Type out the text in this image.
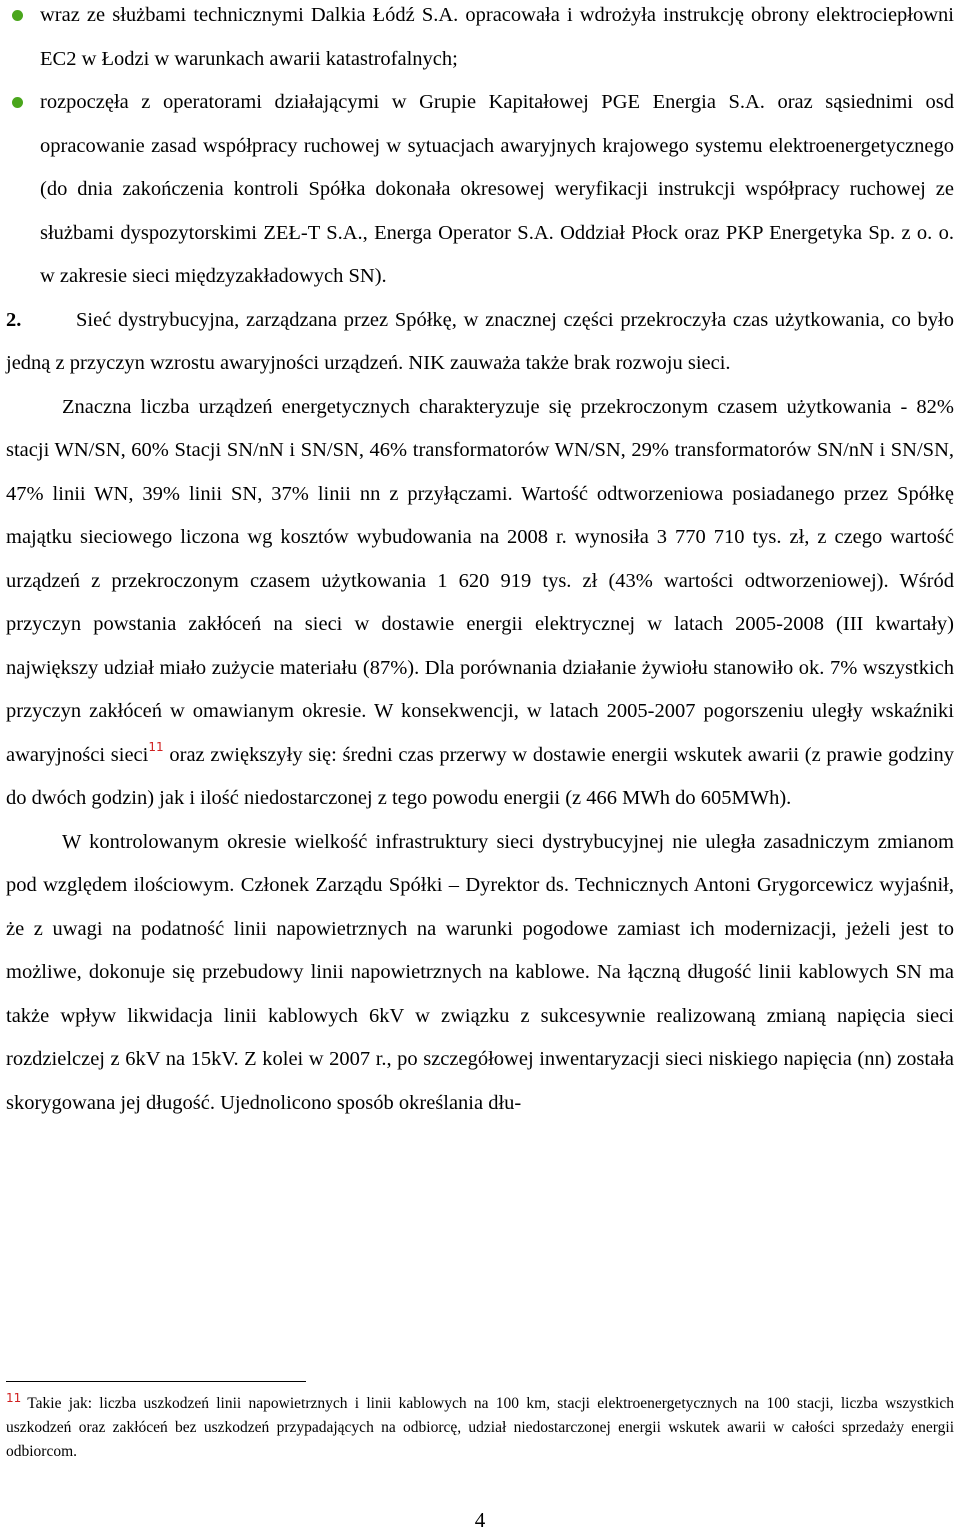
wraz ze służbami technicznymi Dalkia Łódź S.A. opracowała i wdrożyła instrukcję obrony elektrociepłowni EC2 w Łodzi w warunkach awarii katastrofalnych;
rozpoczęła z operatorami działającymi w Grupie Kapitałowej PGE Energia S.A. oraz sąsiednimi osd opracowanie zasad współpracy ruchowej w sytuacjach awaryjnych krajowego systemu elektroenergetycznego (do dnia zakończenia kontroli Spółka dokonała okresowej weryfikacji instrukcji współpracy ruchowej ze służbami dyspozytorskimi ZEŁ-T S.A., Energa Operator S.A. Oddział Płock oraz PKP Energetyka Sp. z o. o. w zakresie sieci międzyzakładowych SN).

2.	Sieć dystrybucyjna, zarządzana przez Spółkę, w znacznej części przekroczyła czas użytkowania, co było jedną z przyczyn wzrostu awaryjności urządzeń. NIK zauważa także brak rozwoju sieci.

Znaczna liczba urządzeń energetycznych charakteryzuje się przekroczonym czasem użytkowania - 82% stacji WN/SN, 60% Stacji SN/nN i SN/SN, 46% transformatorów WN/SN, 29% transformatorów SN/nN i SN/SN, 47% linii WN, 39% linii SN, 37% linii nn z przyłączami. Wartość odtworzeniowa posiadanego przez Spółkę majątku sieciowego liczona wg kosztów wybudowania na 2008 r. wynosiła 3 770 710 tys. zł, z czego wartość urządzeń z przekroczonym czasem użytkowania 1 620 919 tys. zł (43% wartości odtworzeniowej). Wśród przyczyn powstania zakłóceń na sieci w dostawie energii elektrycznej w latach 2005-2008 (III kwartały) największy udział miało zużycie materiału (87%). Dla porównania działanie żywiołu stanowiło ok. 7% wszystkich przyczyn zakłóceń w omawianym okresie. W konsekwencji, w latach 2005-2007 pogorszeniu uległy wskaźniki awaryjności sieci$^{11}$ oraz zwiększyły się: średni czas przerwy w dostawie energii wskutek awarii (z prawie godziny do dwóch godzin) jak i ilość niedostarczonej z tego powodu energii (z 466 MWh do 605MWh).

W kontrolowanym okresie wielkość infrastruktury sieci dystrybucyjnej nie uległa zasadniczym zmianom pod względem ilościowym. Członek Zarządu Spółki – Dyrektor ds. Technicznych Antoni Grygorcewicz wyjaśnił, że z uwagi na podatność linii napowietrznych na warunki pogodowe zamiast ich modernizacji, jeżeli jest to możliwe, dokonuje się przebudowy linii napowietrznych na kablowe. Na łączną długość linii kablowych SN ma także wpływ likwidacja linii kablowych 6kV w związku z sukcesywnie realizowaną zmianą napięcia sieci rozdzielczej z 6kV na 15kV. Z kolei w 2007 r., po szczegółowej inwentaryzacji sieci niskiego napięcia (nn) została skorygowana jej długość. Ujednolicono sposób określania dłu-

$^{11}$ Takie jak: liczba uszkodzeń linii napowietrznych i linii kablowych na 100 km, stacji elektroenergetycznych na 100 stacji, liczba wszystkich uszkodzeń oraz zakłóceń bez uszkodzeń przypadających na odbiorcę, udział niedostarczonej energii wskutek awarii w całości sprzedaży energii odbiorcom.
4
